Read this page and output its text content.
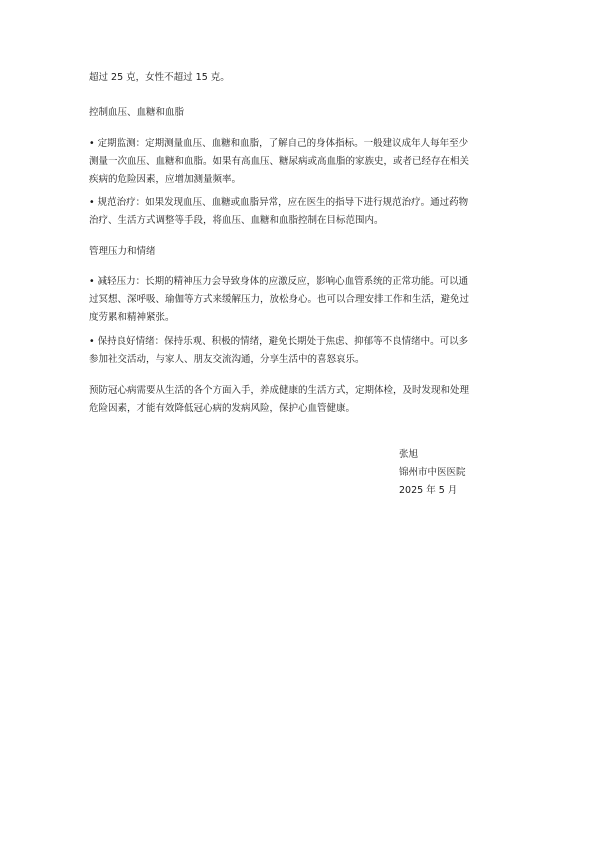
超过 25 克，女性不超过 15 克。

控制血压、血糖和血脂

• 定期监测：定期测量血压、血糖和血脂，了解自己的身体指标。一般建议成年人每年至少
测量一次血压、血糖和血脂。如果有高血压、糖尿病或高血脂的家族史，或者已经存在相关
疾病的危险因素，应增加测量频率。

• 规范治疗：如果发现血压、血糖或血脂异常，应在医生的指导下进行规范治疗。通过药物
治疗、生活方式调整等手段，将血压、血糖和血脂控制在目标范围内。

管理压力和情绪

• 减轻压力：长期的精神压力会导致身体的应激反应，影响心血管系统的正常功能。可以通
过冥想、深呼吸、瑜伽等方式来缓解压力，放松身心。也可以合理安排工作和生活，避免过
度劳累和精神紧张。

• 保持良好情绪：保持乐观、积极的情绪，避免长期处于焦虑、抑郁等不良情绪中。可以多
参加社交活动，与家人、朋友交流沟通，分享生活中的喜怒哀乐。

预防冠心病需要从生活的各个方面入手，养成健康的生活方式，定期体检，及时发现和处理
危险因素，才能有效降低冠心病的发病风险，保护心血管健康。

张旭
锦州市中医医院
2025 年 5 月
